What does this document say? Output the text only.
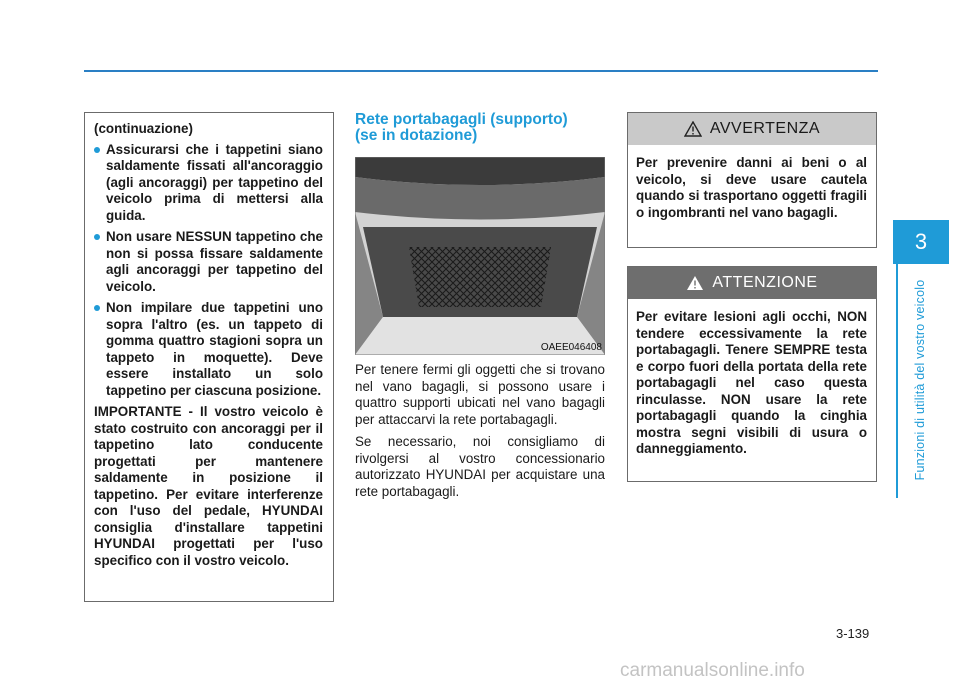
3
Funzioni di utilità del vostro veicolo
(continuazione)
Assicurarsi che i tappetini siano saldamente fissati all'ancoraggio (agli ancoraggi) per tappetino del veicolo prima di mettersi alla guida.
Non usare NESSUN tappetino che non si possa fissare saldamente agli ancoraggi per tappetino del veicolo.
Non impilare due tappetini uno sopra l'altro (es. un tappeto di gomma quattro stagioni sopra un tappeto in moquette). Deve essere installato un solo tappetino per ciascuna posizione.
IMPORTANTE - Il vostro veicolo è stato costruito con ancoraggi per il tappetino lato conducente progettati per mantenere saldamente in posizione il tappetino. Per evitare interferenze con l'uso del pedale, HYUNDAI consiglia d'installare tappetini HYUNDAI progettati per l'uso specifico con il vostro veicolo.
Rete portabagagli (supporto)
(se in dotazione)
OAEE046408

Per tenere fermi gli oggetti che si trovano nel vano bagagli, si possono usare i quattro supporti ubicati nel vano bagagli per attaccarvi la rete portabagagli.

Se necessario, noi consigliamo di rivolgersi al vostro concessionario autorizzato HYUNDAI per acquistare una rete portabagagli.

AVVERTENZA
Per prevenire danni ai beni o al veicolo, si deve usare cautela quando si trasportano oggetti fragili o ingombranti nel vano bagagli.
ATTENZIONE
Per evitare lesioni agli occhi, NON tendere eccessivamente la rete portabagagli. Tenere SEMPRE testa e corpo fuori della portata della rete portabagagli nel caso questa rinculasse. NON usare la rete portabagagli quando la cinghia mostra segni visibili di usura o danneggiamento.
3-139
carmanualsonline.info
